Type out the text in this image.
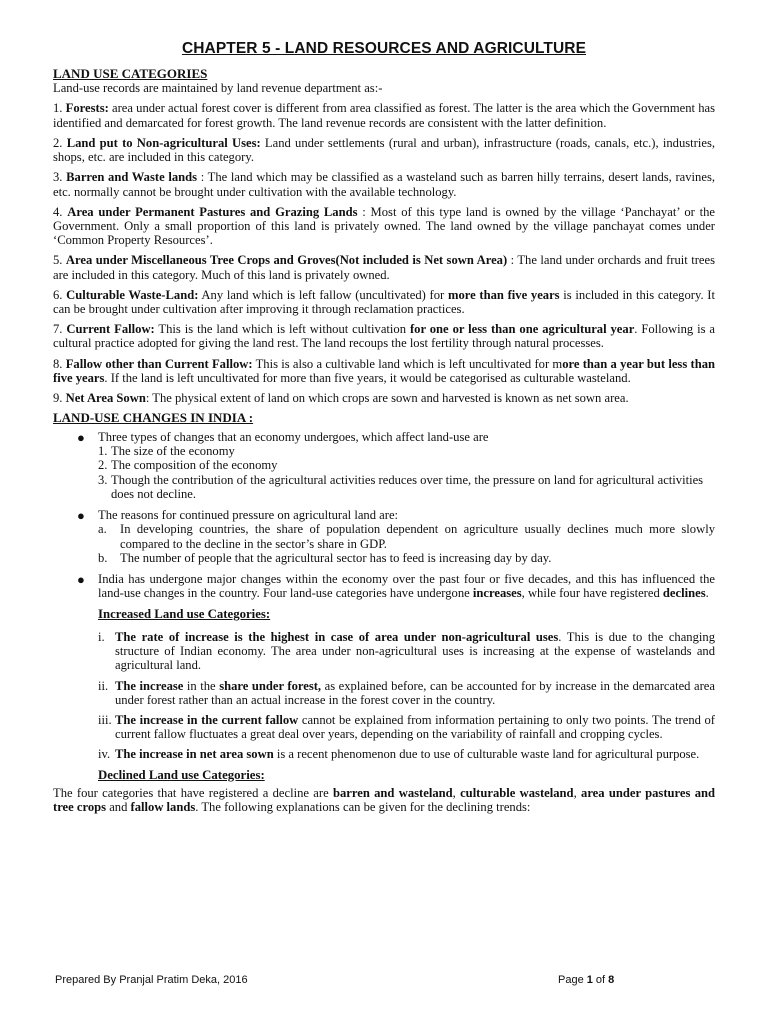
CHAPTER 5 - LAND RESOURCES AND AGRICULTURE
LAND USE CATEGORIES
Land-use records are maintained by land revenue department as:-
1. Forests: area under actual forest cover is different from area classified as forest. The latter is the area which the Government has identified and demarcated for forest growth. The land revenue records are consistent with the latter definition.
2. Land put to Non-agricultural Uses: Land under settlements (rural and urban), infrastructure (roads, canals, etc.), industries, shops, etc. are included in this category.
3. Barren and Waste lands : The land which may be classified as a wasteland such as barren hilly terrains, desert lands, ravines, etc. normally cannot be brought under cultivation with the available technology.
4. Area under Permanent Pastures and Grazing Lands : Most of this type land is owned by the village ‘Panchayat’ or the Government. Only a small proportion of this land is privately owned. The land owned by the village panchayat comes under ‘Common Property Resources’.
5. Area under Miscellaneous Tree Crops and Groves(Not included is Net sown Area) : The land under orchards and fruit trees are included in this category. Much of this land is privately owned.
6. Culturable Waste-Land: Any land which is left fallow (uncultivated) for more than five years is included in this category. It can be brought under cultivation after improving it through reclamation practices.
7. Current Fallow: This is the land which is left without cultivation for one or less than one agricultural year. Following is a cultural practice adopted for giving the land rest. The land recoups the lost fertility through natural processes.
8. Fallow other than Current Fallow: This is also a cultivable land which is left uncultivated for more than a year but less than five years. If the land is left uncultivated for more than five years, it would be categorised as culturable wasteland.
9. Net Area Sown: The physical extent of land on which crops are sown and harvested is known as net sown area.
LAND-USE CHANGES IN INDIA :
● Three types of changes that an economy undergoes, which affect land-use are
1. The size of the economy
2. The composition of the economy
3. Though the contribution of the agricultural activities reduces over time, the pressure on land for agricultural activities does not decline.
● The reasons for continued pressure on agricultural land are:
a. In developing countries, the share of population dependent on agriculture usually declines much more slowly compared to the decline in the sector’s share in GDP.
b. The number of people that the agricultural sector has to feed is increasing day by day.
● India has undergone major changes within the economy over the past four or five decades, and this has influenced the land-use changes in the country. Four land-use categories have undergone increases, while four have registered declines.
Increased Land use Categories:
i. The rate of increase is the highest in case of area under non-agricultural uses. This is due to the changing structure of Indian economy. The area under non-agricultural uses is increasing at the expense of wastelands and agricultural land.
ii. The increase in the share under forest, as explained before, can be accounted for by increase in the demarcated area under forest rather than an actual increase in the forest cover in the country.
iii. The increase in the current fallow cannot be explained from information pertaining to only two points. The trend of current fallow fluctuates a great deal over years, depending on the variability of rainfall and cropping cycles.
iv. The increase in net area sown is a recent phenomenon due to use of culturable waste land for agricultural purpose.
Declined Land use Categories:
The four categories that have registered a decline are barren and wasteland, culturable wasteland, area under pastures and tree crops and fallow lands. The following explanations can be given for the declining trends:
Prepared By Pranjal Pratim Deka, 2016	Page 1 of 8
